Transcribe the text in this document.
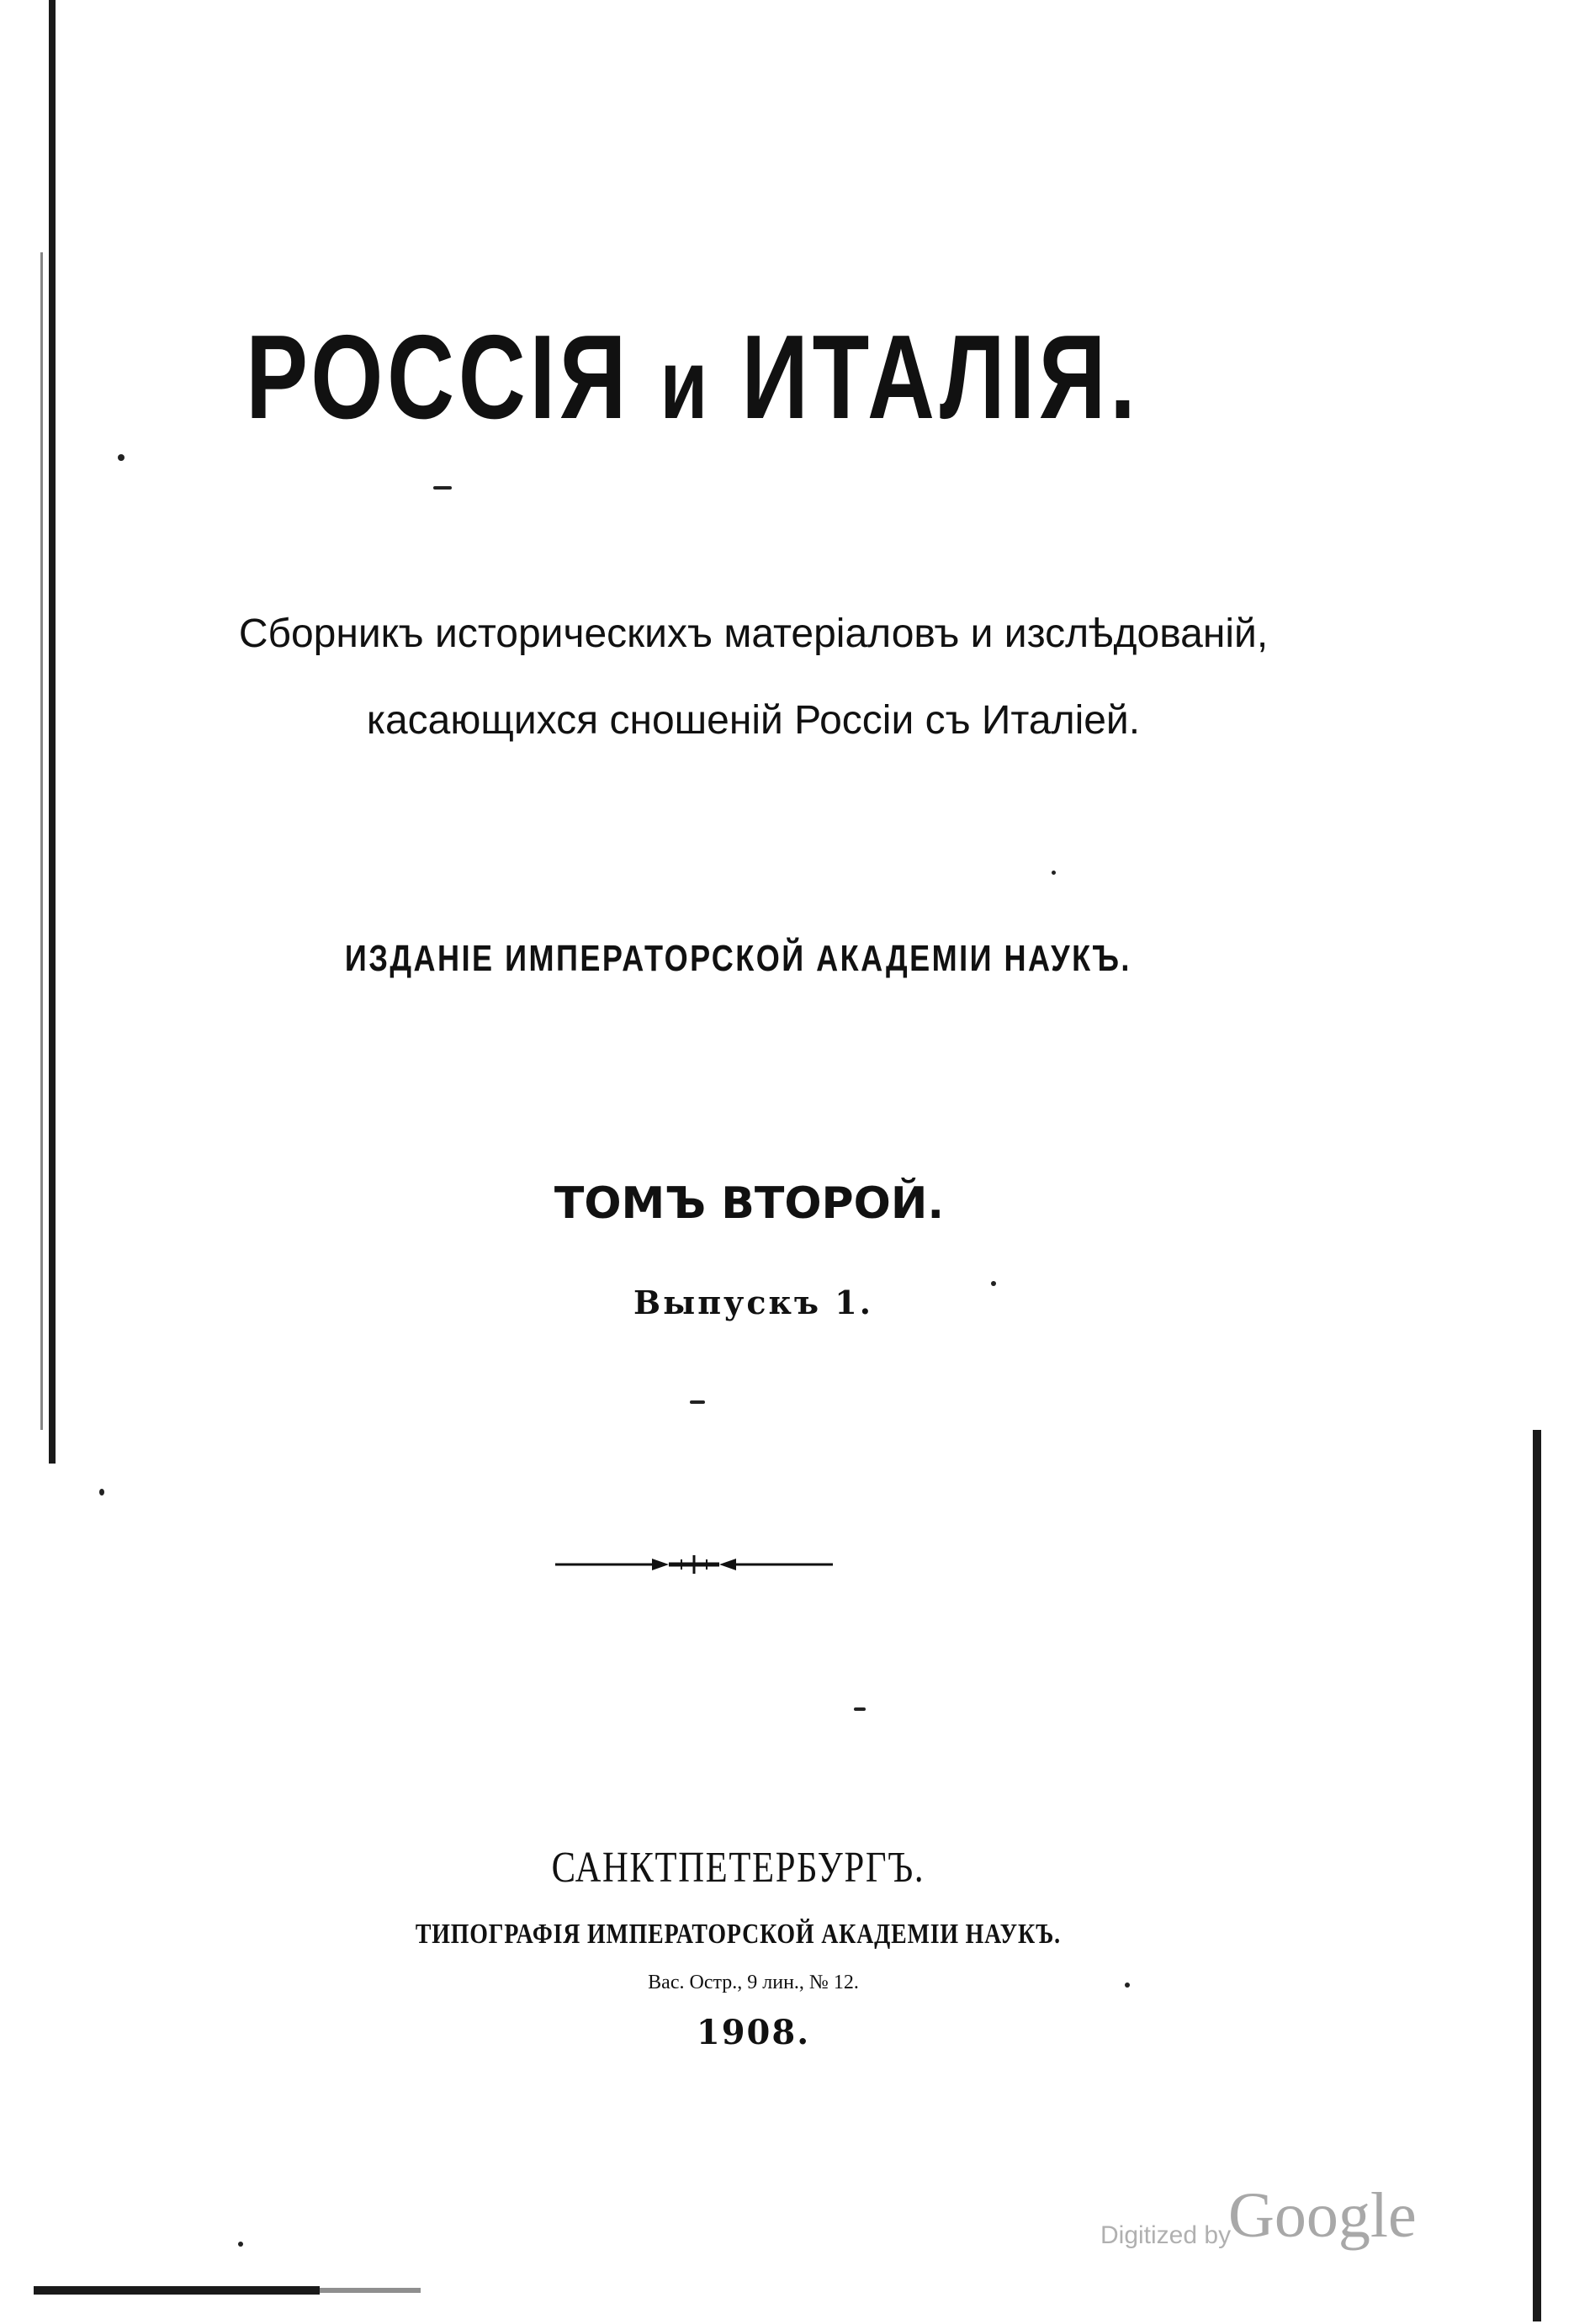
РОССІЯ и ИТАЛІЯ.

Сборникъ историческихъ матеріаловъ и изслѣдованій,

касающихся сношеній Россіи съ Италіей.

ИЗДАНІЕ ИМПЕРАТОРСКОЙ АКАДЕМІИ НАУКЪ.

ТОМЪ ВТОРОЙ.

Выпускъ 1.

САНКТПЕТЕРБУРГЪ.

ТИПОГРАФІЯ ИМПЕРАТОРСКОЙ АКАДЕМІИ НАУКЪ.

Вас. Остр., 9 лин., № 12.

1908.

Digitized by
Google
